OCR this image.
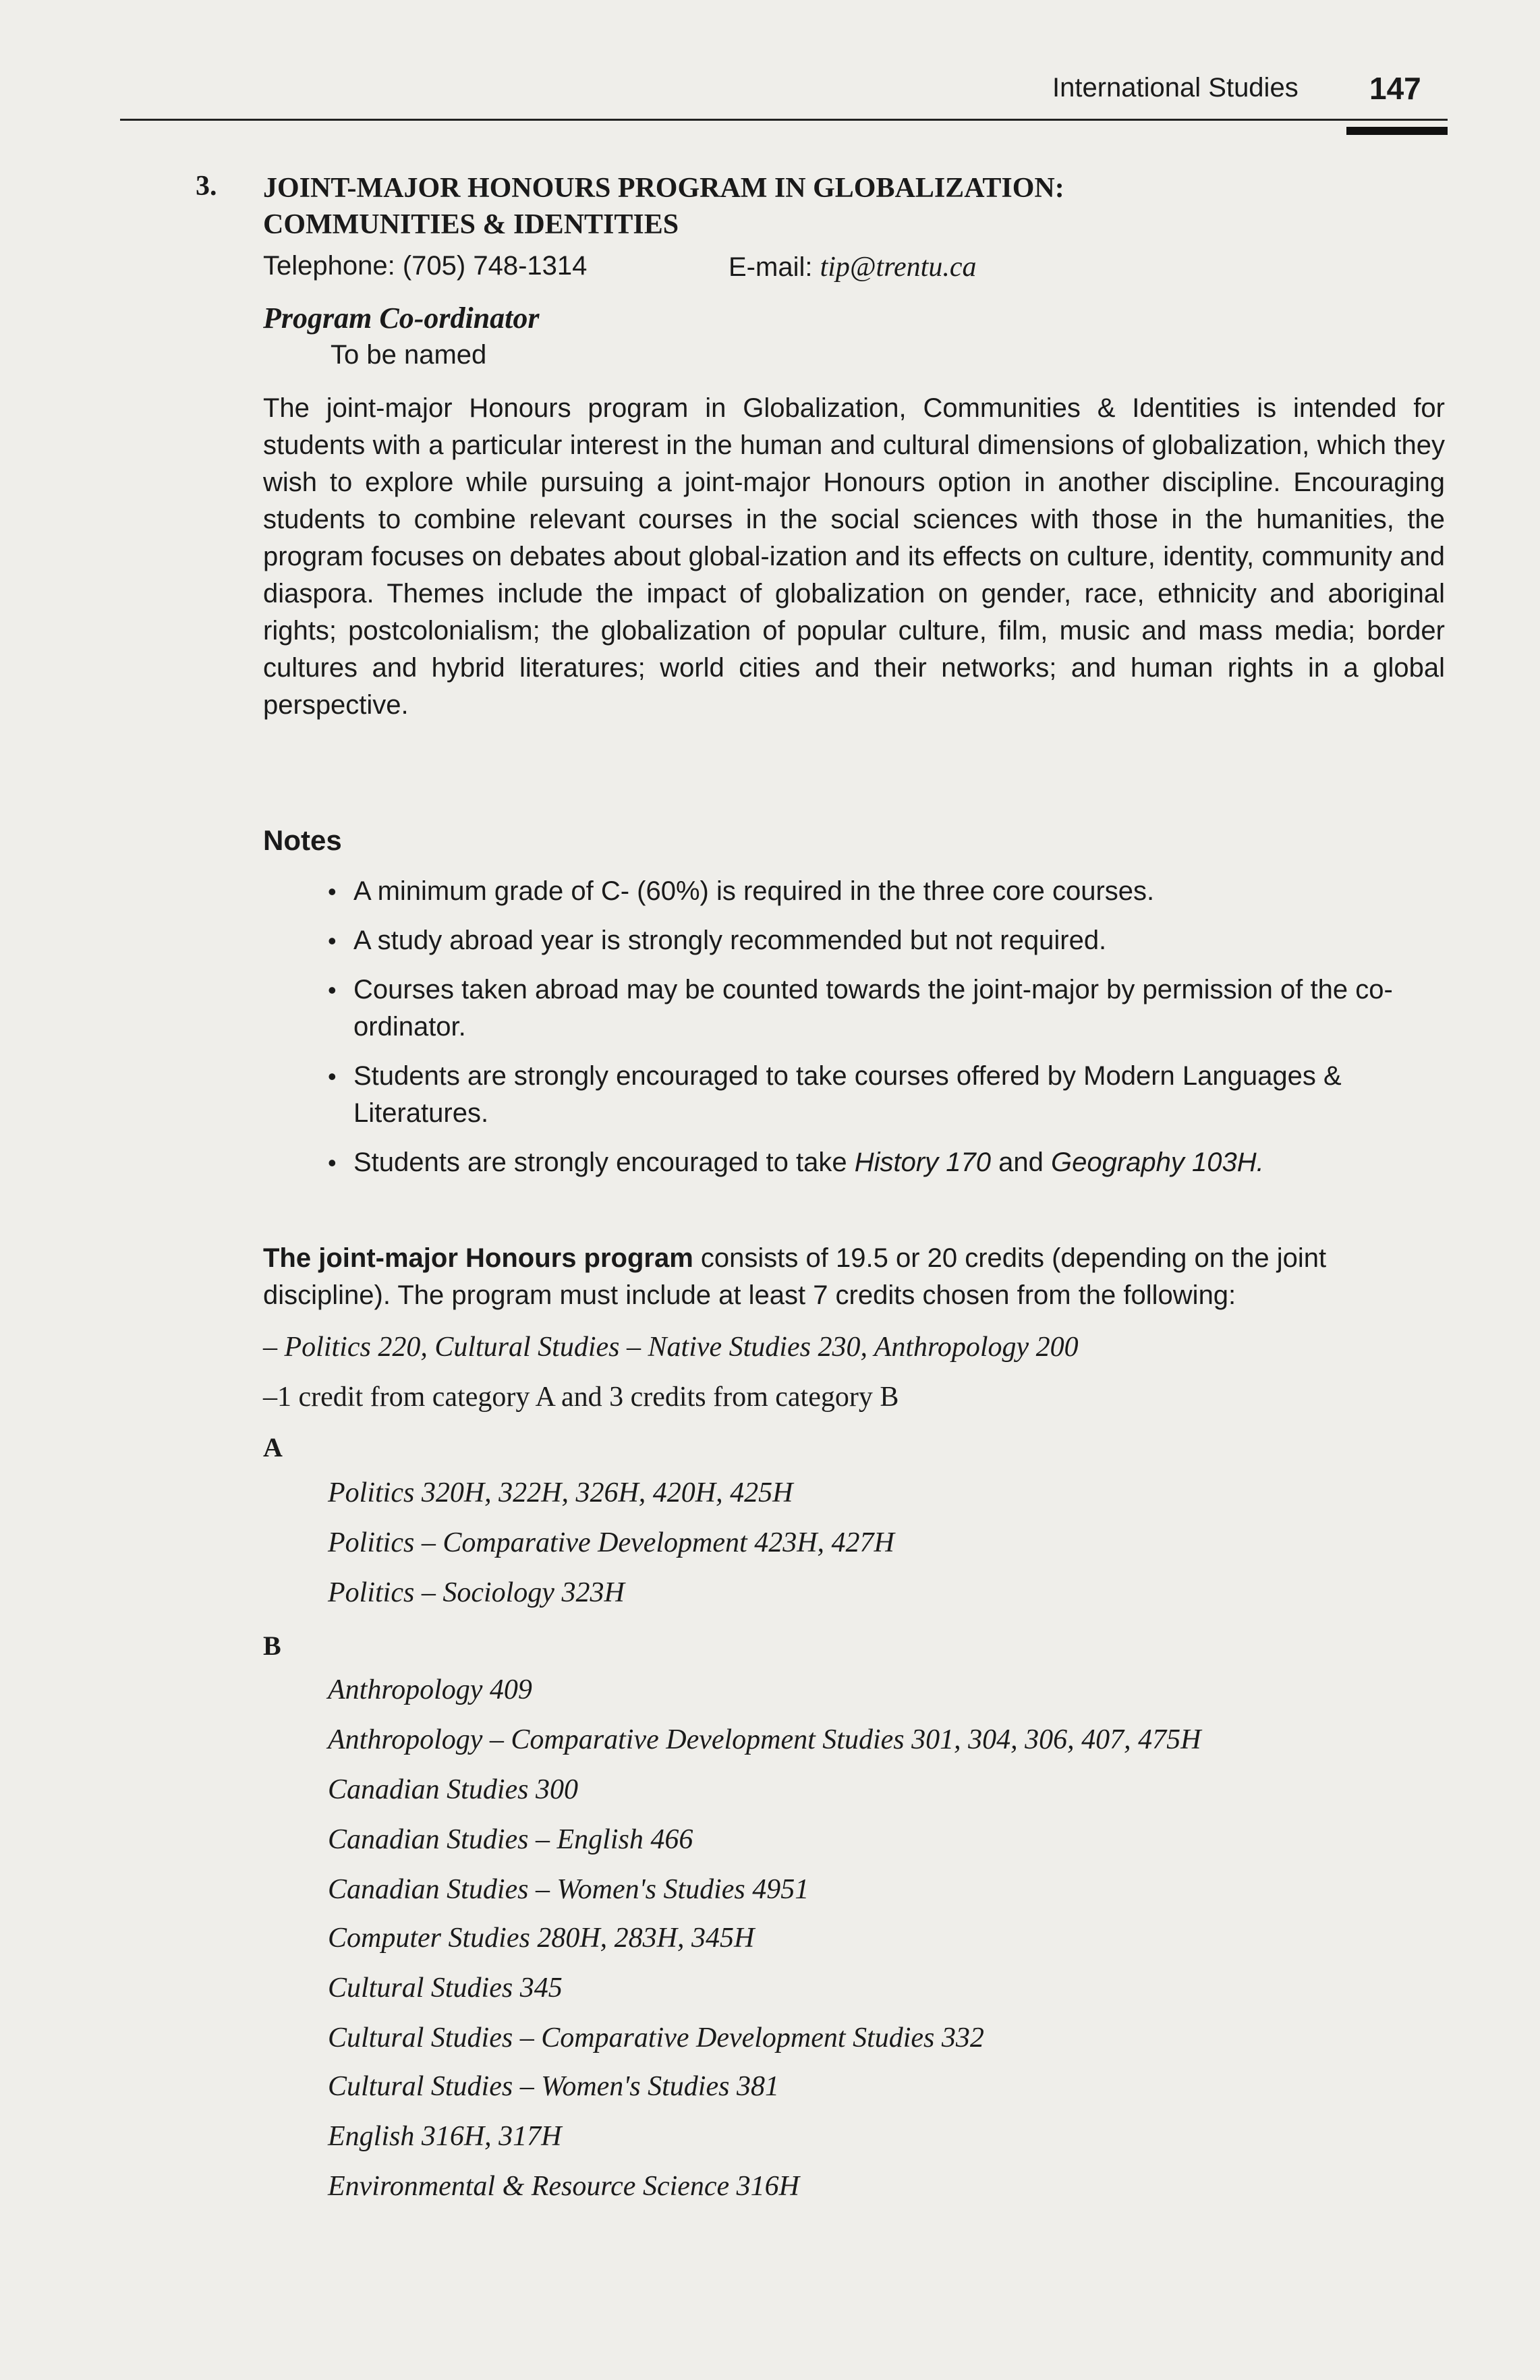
International Studies 147
3. JOINT-MAJOR HONOURS PROGRAM IN GLOBALIZATION:
COMMUNITIES & IDENTITIES
Telephone: (705) 748-1314	E-mail: tip@trentu.ca
Program Co-ordinator
To be named
The joint-major Honours program in Globalization, Communities & Identities is intended for students with a particular interest in the human and cultural dimensions of globalization, which they wish to explore while pursuing a joint-major Honours option in another discipline. Encouraging students to combine relevant courses in the social sciences with those in the humanities, the program focuses on debates about global-ization and its effects on culture, identity, community and diaspora. Themes include the impact of globalization on gender, race, ethnicity and aboriginal rights; postcolonialism; the globalization of popular culture, film, music and mass media; border cultures and hybrid literatures; world cities and their networks; and human rights in a global perspective.
Notes
• A minimum grade of C- (60%) is required in the three core courses.
• A study abroad year is strongly recommended but not required.
• Courses taken abroad may be counted towards the joint-major by permission of the co-ordinator.
• Students are strongly encouraged to take courses offered by Modern Languages & Literatures.
• Students are strongly encouraged to take History 170 and Geography 103H.
The joint-major Honours program consists of 19.5 or 20 credits (depending on the joint discipline). The program must include at least 7 credits chosen from the following:
– Politics 220, Cultural Studies – Native Studies 230, Anthropology 200
–1 credit from category A and 3 credits from category B
A
Politics 320H, 322H, 326H, 420H, 425H
Politics – Comparative Development 423H, 427H
Politics – Sociology 323H
B
Anthropology 409
Anthropology – Comparative Development Studies 301, 304, 306, 407, 475H
Canadian Studies 300
Canadian Studies – English 466
Canadian Studies – Women's Studies 4951
Computer Studies 280H, 283H, 345H
Cultural Studies 345
Cultural Studies – Comparative Development Studies 332
Cultural Studies – Women's Studies 381
English 316H, 317H
Environmental & Resource Science 316H
